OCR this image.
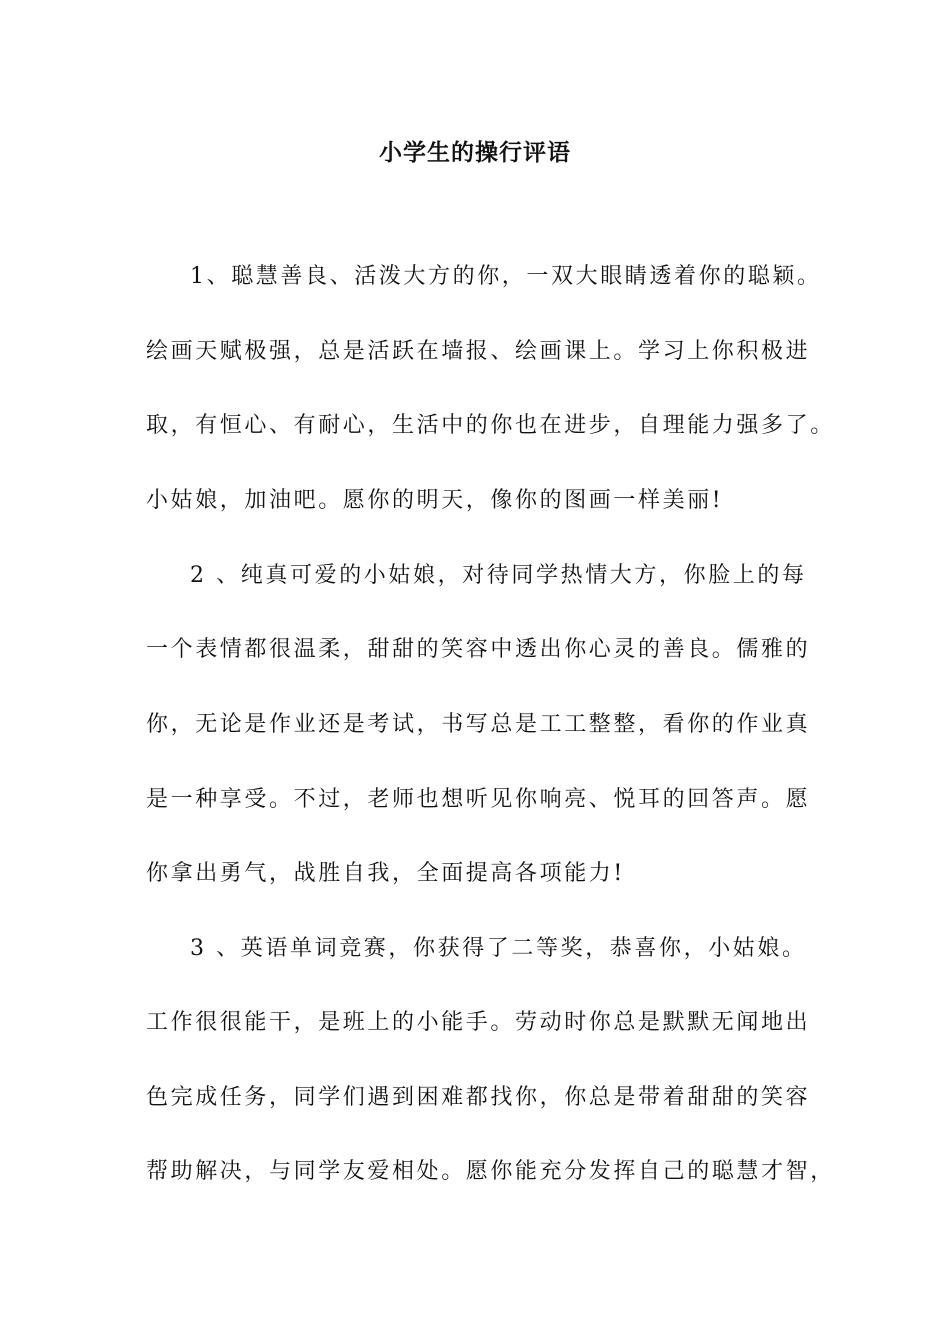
小学生的操行评语
1、聪慧善良、活泼大方的你，一双大眼睛透着你的聪颖。
绘画天赋极强，总是活跃在墙报、绘画课上。学习上你积极进
取，有恒心、有耐心，生活中的你也在进步，自理能力强多了。
小姑娘，加油吧。愿你的明天，像你的图画一样美丽!
2 、纯真可爱的小姑娘，对待同学热情大方，你脸上的每
一个表情都很温柔，甜甜的笑容中透出你心灵的善良。儒雅的
你，无论是作业还是考试，书写总是工工整整，看你的作业真
是一种享受。不过，老师也想听见你响亮、悦耳的回答声。愿
你拿出勇气，战胜自我，全面提高各项能力!
3 、英语单词竞赛，你获得了二等奖，恭喜你，小姑娘。
工作很很能干，是班上的小能手。劳动时你总是默默无闻地出
色完成任务，同学们遇到困难都找你，你总是带着甜甜的笑容
帮助解决，与同学友爱相处。愿你能充分发挥自己的聪慧才智，
